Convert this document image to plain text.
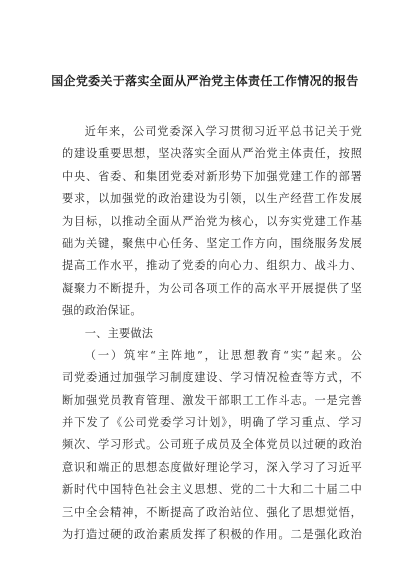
国企党委关于落实全面从严治党主体责任工作情况的报告
近年来，公司党委深入学习贯彻习近平总书记关于党
的建设重要思想，坚决落实全面从严治党主体责任，按照
中央、省委、和集团党委对新形势下加强党建工作的部署
要求，以加强党的政治建设为引领，以生产经营工作发展
为目标，以推动全面从严治党为核心，以夯实党建工作基
础为关键，聚焦中心任务、坚定工作方向，围绕服务发展
提高工作水平，推动了党委的向心力、组织力、战斗力、
凝聚力不断提升，为公司各项工作的高水平开展提供了坚
强的政治保证。
一、主要做法
（一）筑牢“主阵地”，让思想教育“实”起来。公
司党委通过加强学习制度建设、学习情况检查等方式，不
断加强党员教育管理、激发干部职工工作斗志。一是完善
并下发了《公司党委学习计划》，明确了学习重点、学习
频次、学习形式。公司班子成员及全体党员以过硬的政治
意识和端正的思想态度做好理论学习，深入学习了习近平
新时代中国特色社会主义思想、党的二十大和二十届二中
三中全会精神，不断提高了政治站位、强化了思想觉悟，
为打造过硬的政治素质发挥了积极的作用。二是强化政治
